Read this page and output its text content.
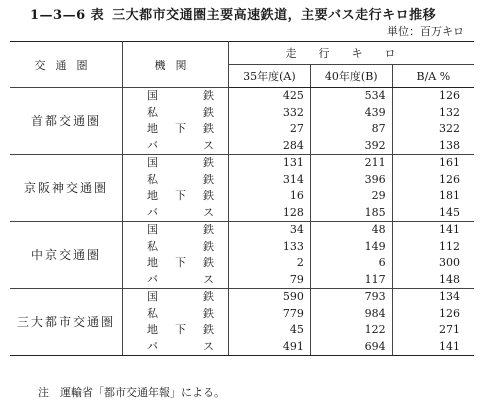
1—3—6 表 三大都市交通圏主要高速鉄道，主要バス走行キロ推移
単位：百万キロ
交通圏	機関	走行キロ		
		35年度(A)	40年度(B)	B/A %
首都交通圏	国 鉄	425	534	126

	私 鉄	332	439	132

	地 下 鉄	27	87	322

	バ ス	284	392	138
京阪神交通圏	国 鉄	131	211	161

	私 鉄	314	396	126

	地 下 鉄	16	29	181

	バ ス	128	185	145
中京交通圏	国 鉄	34	48	141

	私 鉄	133	149	112

	地 下 鉄	2	6	300

	バ ス	79	117	148
三大都市交通圏	国 鉄	590	793	134

	私 鉄	779	984	126

	地 下 鉄	45	122	271

	バ ス	491	694	141
注　運輸省「都市交通年報」による。
